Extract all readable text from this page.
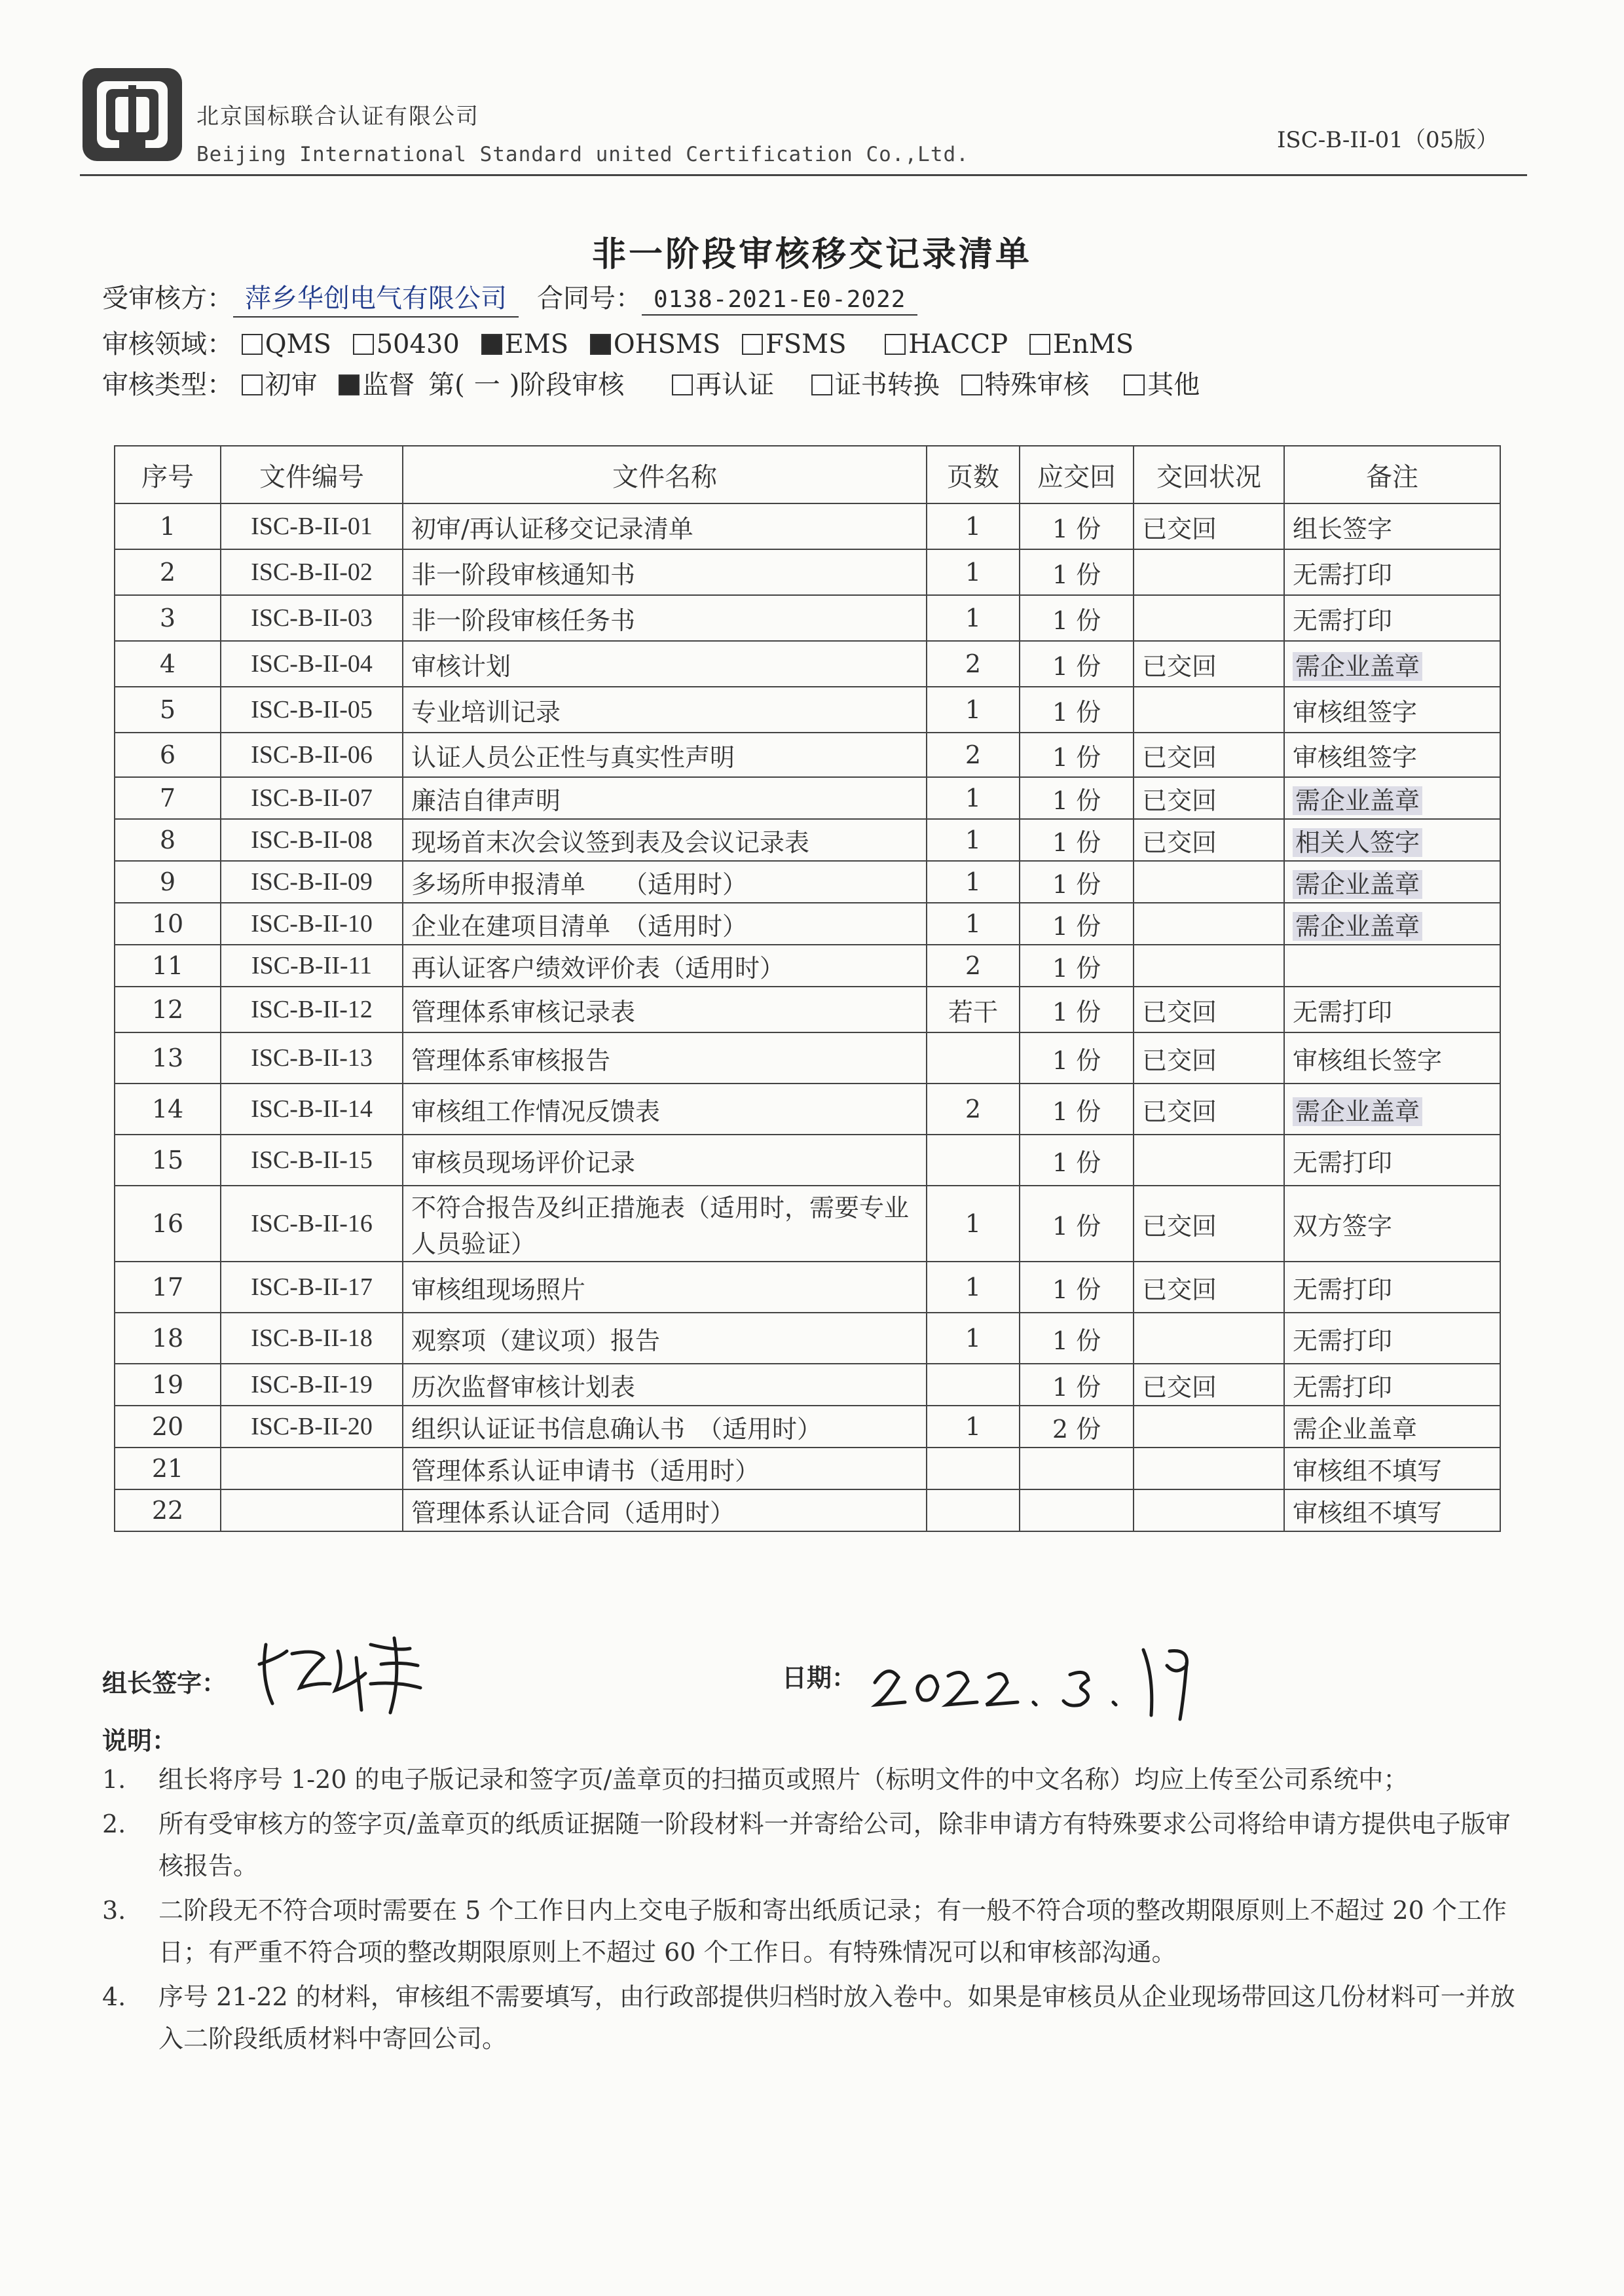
北京国标联合认证有限公司
Beijing International Standard united Certification Co.,Ltd.
ISC-B-II-01（05版）
非一阶段审核移交记录清单
受审核方： 萍乡华创电气有限公司 合同号： 0138-2021-E0-2022
审核领域： QMS 50430 EMS OHSMS FSMS HACCP EnMS
审核类型： 初审 监督 第( 一 )阶段审核	再认证 证书转换 特殊审核 其他
序号	文件编号	文件名称	页数	应交回	交回状况	备注
1	ISC-B-II-01	初审/再认证移交记录清单	1	1 份	已交回	组长签字
2	ISC-B-II-02	非一阶段审核通知书	1	1 份		无需打印
3	ISC-B-II-03	非一阶段审核任务书	1	1 份		无需打印
4	ISC-B-II-04	审核计划	2	1 份	已交回	需企业盖章
5	ISC-B-II-05	专业培训记录	1	1 份		审核组签字
6	ISC-B-II-06	认证人员公正性与真实性声明	2	1 份	已交回	审核组签字
7	ISC-B-II-07	廉洁自律声明	1	1 份	已交回	需企业盖章
8	ISC-B-II-08	现场首末次会议签到表及会议记录表	1	1 份	已交回	相关人签字
9	ISC-B-II-09	多场所申报清单　　（适用时）	1	1 份		需企业盖章
10	ISC-B-II-10	企业在建项目清单　（适用时）	1	1 份		需企业盖章
11	ISC-B-II-11	再认证客户绩效评价表（适用时）	2	1 份		
12	ISC-B-II-12	管理体系审核记录表	若干	1 份	已交回	无需打印
13	ISC-B-II-13	管理体系审核报告		1 份	已交回	审核组长签字
14	ISC-B-II-14	审核组工作情况反馈表	2	1 份	已交回	需企业盖章
15	ISC-B-II-15	审核员现场评价记录		1 份		无需打印
16	ISC-B-II-16	不符合报告及纠正措施表（适用时，需要专业人员验证）	1	1 份	已交回	双方签字
17	ISC-B-II-17	审核组现场照片	1	1 份	已交回	无需打印
18	ISC-B-II-18	观察项（建议项）报告	1	1 份		无需打印
19	ISC-B-II-19	历次监督审核计划表		1 份	已交回	无需打印
20	ISC-B-II-20	组织认证证书信息确认书　（适用时）	1	2 份		需企业盖章
21		管理体系认证申请书（适用时）				审核组不填写
22		管理体系认证合同（适用时）				审核组不填写
组长签字：	日期：
说明：
1.	组长将序号 1-20 的电子版记录和签字页/盖章页的扫描页或照片（标明文件的中文名称）均应上传至公司系统中；
2.	所有受审核方的签字页/盖章页的纸质证据随一阶段材料一并寄给公司，除非申请方有特殊要求公司将给申请方提供电子版审核报告。
3.	二阶段无不符合项时需要在 5 个工作日内上交电子版和寄出纸质记录；有一般不符合项的整改期限原则上不超过 20 个工作日；有严重不符合项的整改期限原则上不超过 60 个工作日。有特殊情况可以和审核部沟通。
4.	序号 21-22 的材料，审核组不需要填写，由行政部提供归档时放入卷中。如果是审核员从企业现场带回这几份材料可一并放入二阶段纸质材料中寄回公司。
